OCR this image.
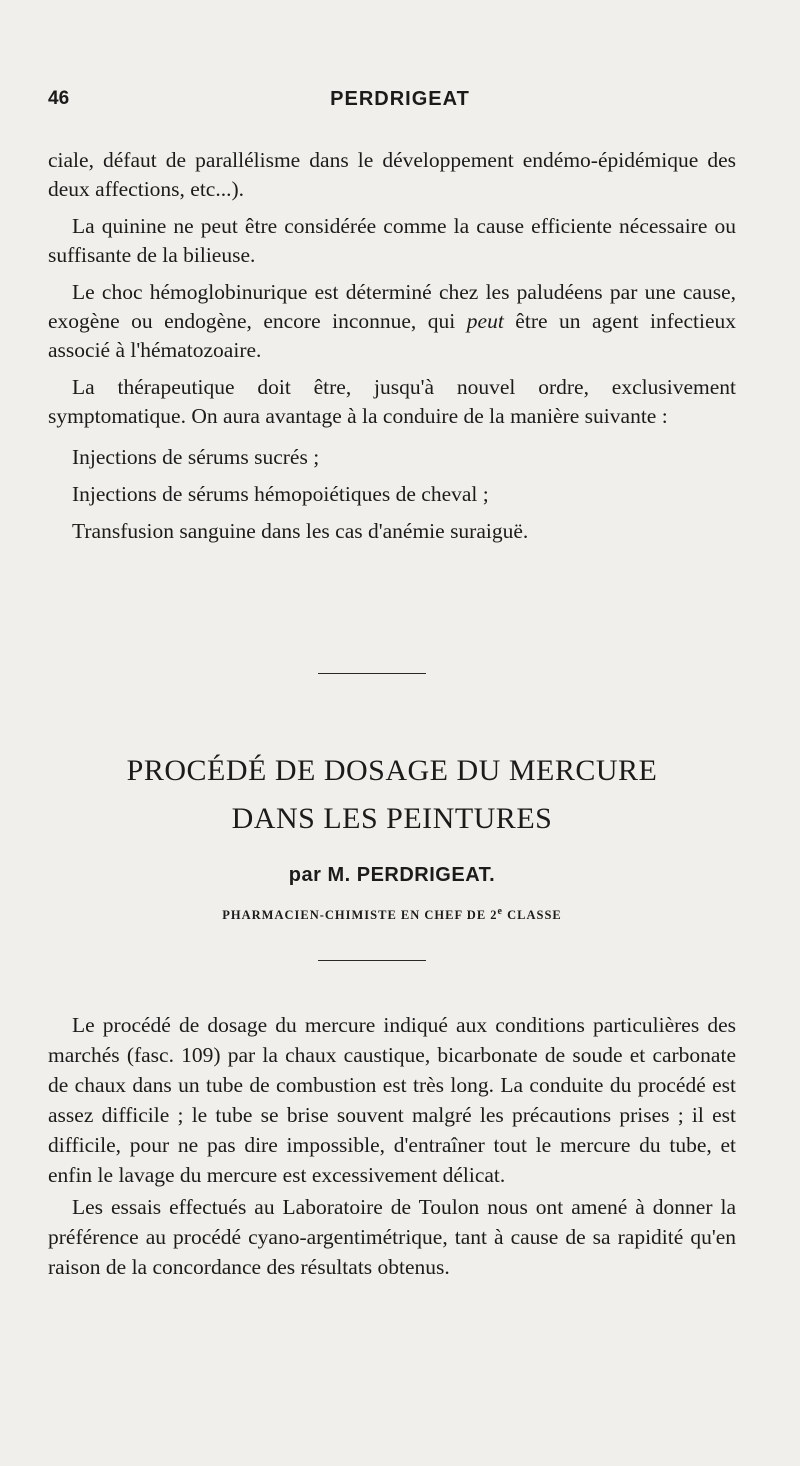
46	PERDRIGEAT

ciale, défaut de parallélisme dans le développement endémo-épidémique des deux affections, etc...).

La quinine ne peut être considérée comme la cause efficiente nécessaire ou suffisante de la bilieuse.

Le choc hémoglobinurique est déterminé chez les paludéens par une cause, exogène ou endogène, encore inconnue, qui peut être un agent infectieux associé à l'hématozoaire.

La thérapeutique doit être, jusqu'à nouvel ordre, exclusivement symptomatique. On aura avantage à la conduire de la manière suivante :

Injections de sérums sucrés ;

Injections de sérums hémopoiétiques de cheval ;

Transfusion sanguine dans les cas d'anémie suraiguë.

PROCÉDÉ DE DOSAGE DU MERCURE
DANS LES PEINTURES
par M. PERDRIGEAT.
PHARMACIEN-CHIMISTE EN CHEF DE 2e CLASSE

Le procédé de dosage du mercure indiqué aux conditions particulières des marchés (fasc. 109) par la chaux caustique, bicarbonate de soude et carbonate de chaux dans un tube de combustion est très long. La conduite du procédé est assez difficile ; le tube se brise souvent malgré les précautions prises ; il est difficile, pour ne pas dire impossible, d'entraîner tout le mercure du tube, et enfin le lavage du mercure est excessivement délicat.

Les essais effectués au Laboratoire de Toulon nous ont amené à donner la préférence au procédé cyano-argentimétrique, tant à cause de sa rapidité qu'en raison de la concordance des résultats obtenus.
